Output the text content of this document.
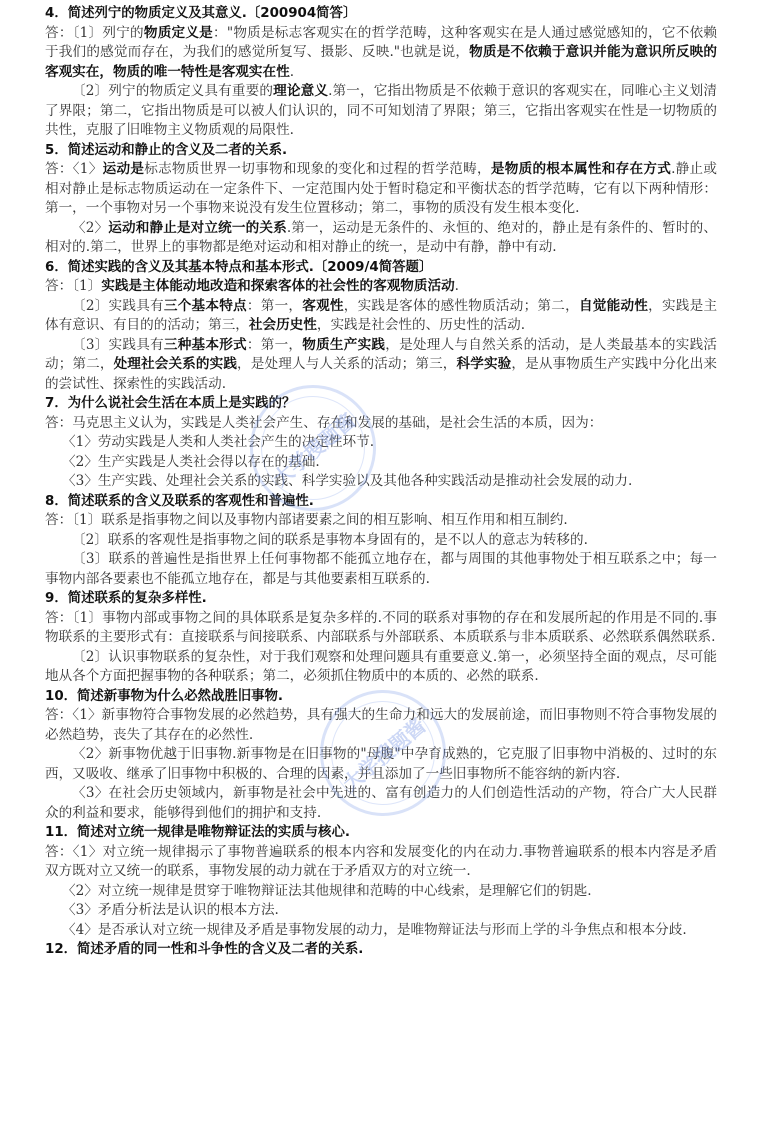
4．简述列宁的物质定义及其意义.〔200904简答〕
答：〔1〕列宁的物质定义是："物质是标志客观实在的哲学范畴，这种客观实在是人通过感觉感知的，它不依赖于我们的感觉而存在，为我们的感觉所复写、摄影、反映."也就是说，物质是不依赖于意识并能为意识所反映的客观实在，物质的唯一特性是客观实在性.
〔2〕列宁的物质定义具有重要的理论意义.第一，它指出物质是不依赖于意识的客观实在，同唯心主义划清了界限；第二，它指出物质是可以被人们认识的，同不可知划清了界限；第三，它指出客观实在性是一切物质的共性，克服了旧唯物主义物质观的局限性.
5．简述运动和静止的含义及二者的关系.
答：〈1〉运动是标志物质世界一切事物和现象的变化和过程的哲学范畴，是物质的根本属性和存在方式.静止或相对静止是标志物质运动在一定条件下、一定范围内处于暂时稳定和平衡状态的哲学范畴，它有以下两种情形：第一，一个事物对另一个事物来说没有发生位置移动；第二，事物的质没有发生根本变化.
〈2〉运动和静止是对立统一的关系.第一，运动是无条件的、永恒的、绝对的，静止是有条件的、暂时的、相对的.第二，世界上的事物都是绝对运动和相对静止的统一，是动中有静，静中有动.
6．简述实践的含义及其基本特点和基本形式.〔2009/4简答题〕
答：〔1〕实践是主体能动地改造和探索客体的社会性的客观物质活动.
〔2〕实践具有三个基本特点：第一，客观性，实践是客体的感性物质活动；第二，自觉能动性，实践是主体有意识、有目的的活动；第三，社会历史性，实践是社会性的、历史性的活动.
〔3〕实践具有三种基本形式：第一，物质生产实践，是处理人与自然关系的活动，是人类最基本的实践活动；第二，处理社会关系的实践，是处理人与人关系的活动；第三，科学实验，是从事物质生产实践中分化出来的尝试性、探索性的实践活动.
7．为什么说社会生活在本质上是实践的？
答：马克思主义认为，实践是人类社会产生、存在和发展的基础，是社会生活的本质，因为：
〈1〉劳动实践是人类和人类社会产生的决定性环节.
〈2〉生产实践是人类社会得以存在的基础.
〈3〉生产实践、处理社会关系的实践、科学实验以及其他各种实践活动是推动社会发展的动力.
8．简述联系的含义及联系的客观性和普遍性.
答：〔1〕联系是指事物之间以及事物内部诸要素之间的相互影响、相互作用和相互制约.
〔2〕联系的客观性是指事物之间的联系是事物本身固有的，是不以人的意志为转移的.
〔3〕联系的普遍性是指世界上任何事物都不能孤立地存在，都与周围的其他事物处于相互联系之中；每一事物内部各要素也不能孤立地存在，都是与其他要素相互联系的.
9．简述联系的复杂多样性.
答：〔1〕事物内部或事物之间的具体联系是复杂多样的.不同的联系对事物的存在和发展所起的作用是不同的.事物联系的主要形式有：直接联系与间接联系、内部联系与外部联系、本质联系与非本质联系、必然联系偶然联系.
〔2〕认识事物联系的复杂性，对于我们观察和处理问题具有重要意义.第一，必须坚持全面的观点，尽可能地从各个方面把握事物的各种联系；第二，必须抓住物质中的本质的、必然的联系.
10．简述新事物为什么必然战胜旧事物.
答：〈1〉新事物符合事物发展的必然趋势，具有强大的生命力和远大的发展前途，而旧事物则不符合事物发展的必然趋势，丧失了其存在的必然性.
〈2〉新事物优越于旧事物.新事物是在旧事物的"母腹"中孕育成熟的，它克服了旧事物中消极的、过时的东西，又吸收、继承了旧事物中积极的、合理的因素，并且添加了一些旧事物所不能容纳的新内容.
〈3〉在社会历史领域内，新事物是社会中先进的、富有创造力的人们创造性活动的产物，符合广大人民群众的利益和要求，能够得到他们的拥护和支持.
11．简述对立统一规律是唯物辩证法的实质与核心.
答：〈1〉对立统一规律揭示了事物普遍联系的根本内容和发展变化的内在动力.事物普遍联系的根本内容是矛盾双方既对立又统一的联系，事物发展的动力就在于矛盾双方的对立统一.
〈2〉对立统一规律是贯穿于唯物辩证法其他规律和范畴的中心线索，是理解它们的钥匙.
〈3〉矛盾分析法是认识的根本方法.
〈4〉是否承认对立统一规律及矛盾是事物发展的动力，是唯物辩证法与形而上学的斗争焦点和根本分歧.
12．简述矛盾的同一性和斗争性的含义及二者的关系.
大学搜题酱
大学搜题酱
